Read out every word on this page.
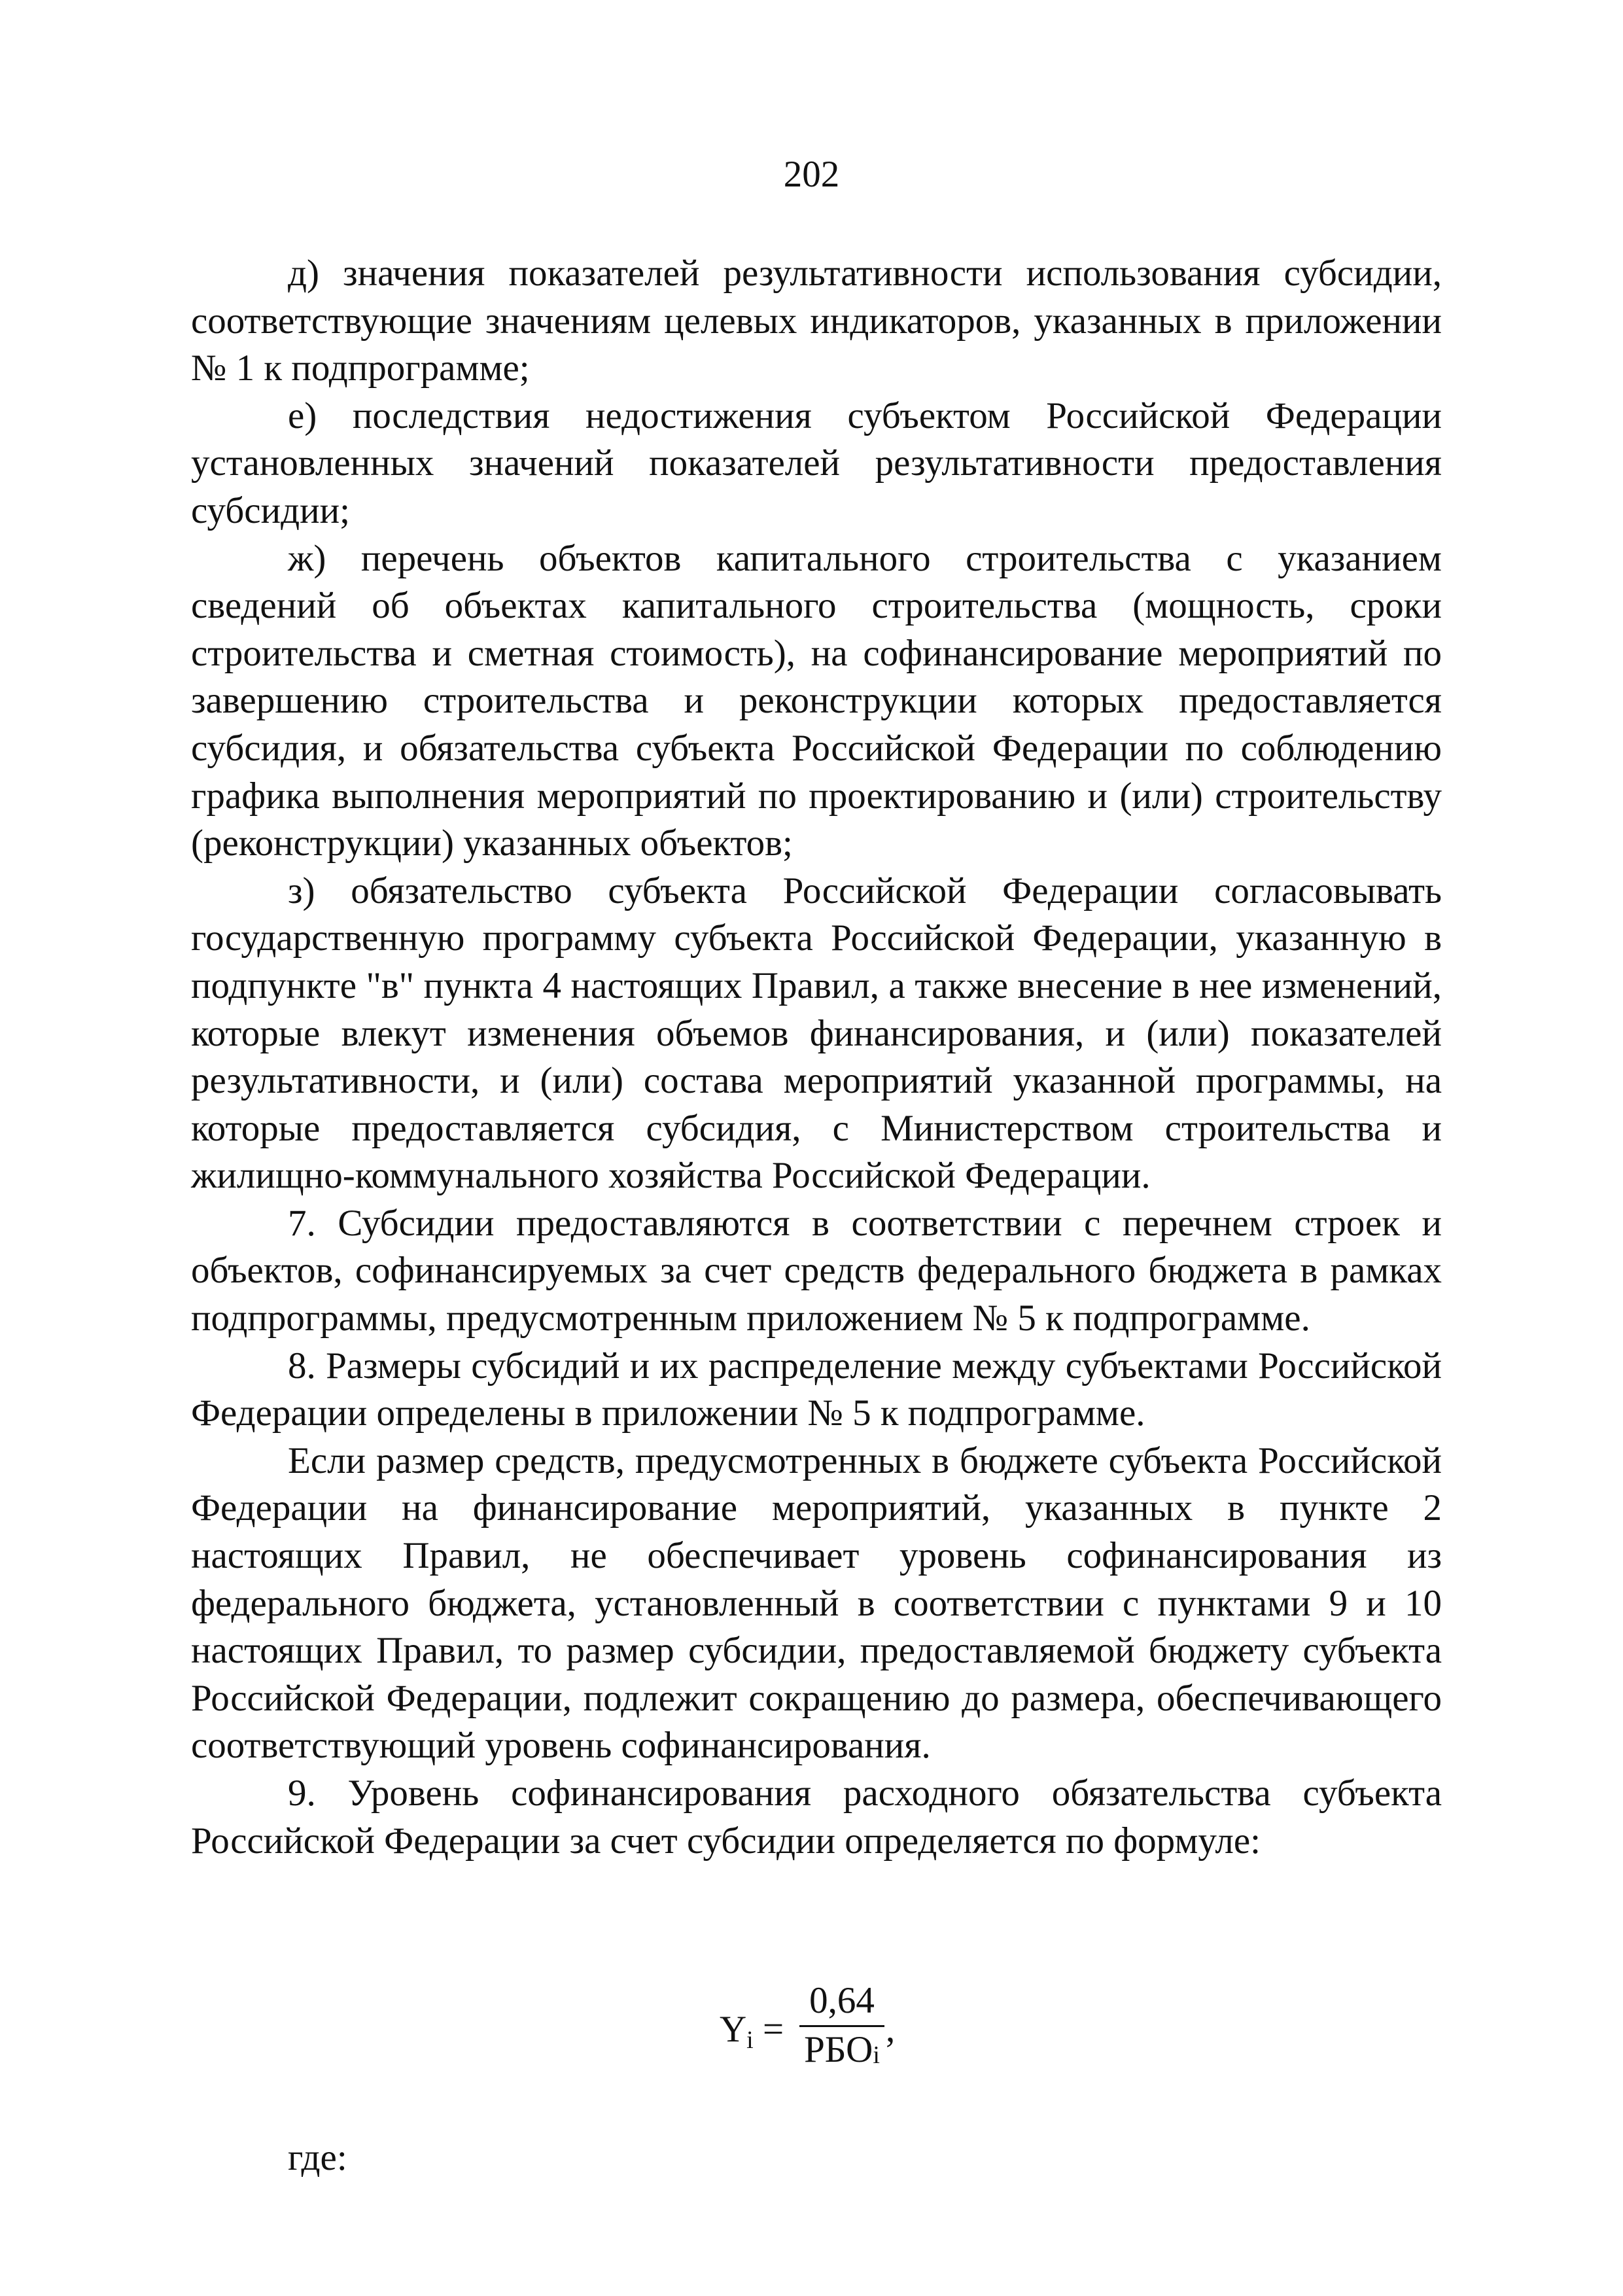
202

д) значения показателей результативности использования субсидии, соответствующие значениям целевых индикаторов, указанных в приложении № 1 к подпрограмме;

е) последствия недостижения субъектом Российской Федерации установленных значений показателей результативности предоставления субсидии;

ж) перечень объектов капитального строительства с указанием сведений об объектах капитального строительства (мощность, сроки строительства и сметная стоимость), на софинансирование мероприятий по завершению строительства и реконструкции которых предоставляется субсидия, и обязательства субъекта Российской Федерации по соблюдению графика выполнения мероприятий по проектированию и (или) строительству (реконструкции) указанных объектов;

з) обязательство субъекта Российской Федерации согласовывать государственную программу субъекта Российской Федерации, указанную в подпункте "в" пункта 4 настоящих Правил, а также внесение в нее изменений, которые влекут изменения объемов финансирования, и (или) показателей результативности, и (или) состава мероприятий указанной программы, на которые предоставляется субсидия, с Министерством строительства и жилищно-коммунального хозяйства Российской Федерации.

7. Субсидии предоставляются в соответствии с перечнем строек и объектов, софинансируемых за счет средств федерального бюджета в рамках подпрограммы, предусмотренным приложением № 5 к подпрограмме.

8. Размеры субсидий и их распределение между субъектами Российской Федерации определены в приложении № 5 к подпрограмме.

Если размер средств, предусмотренных в бюджете субъекта Российской Федерации на финансирование мероприятий, указанных в пункте 2 настоящих Правил, не обеспечивает уровень софинансирования из федерального бюджета, установленный в соответствии с пунктами 9 и 10 настоящих Правил, то размер субсидии, предоставляемой бюджету субъекта Российской Федерации, подлежит сокращению до размера, обеспечивающего соответствующий уровень софинансирования.

9. Уровень софинансирования расходного обязательства субъекта Российской Федерации за счет субсидии определяется по формуле:

$Y_i$ =
0,64
$РБО_i$
,
где:
